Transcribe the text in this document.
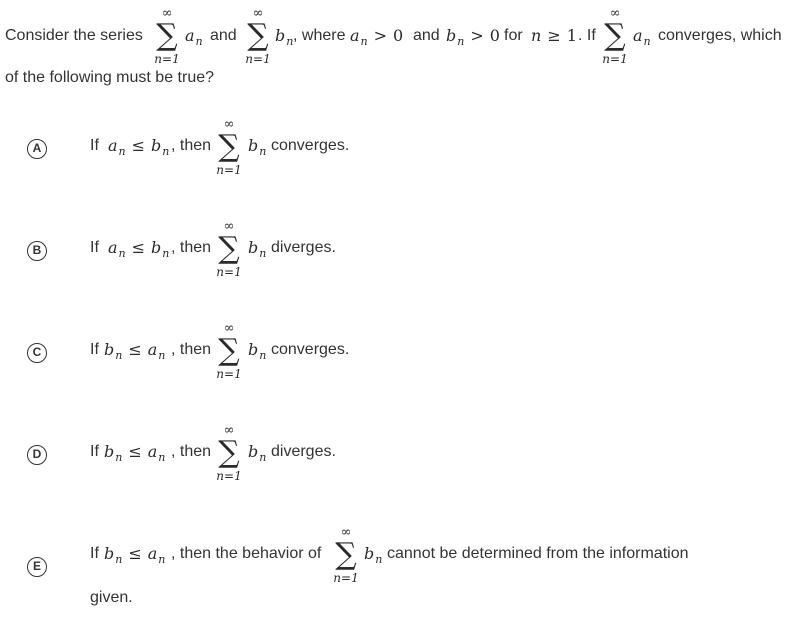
Consider the series
∞
∑
n=1
$a_n$ and
∞
∑
n=1
$b_n$ , where $a_n > 0$ and $b_n > 0$ for n ≥ 1 . If
∞
∑
n=1
$a_n$ converges, which
of the following must be true?
A	If $a_n \le b_n$ , then
∞
∑
n=1
$b_n$ converges.
B	If $a_n \le b_n$ , then
∞
∑
n=1
$b_n$ diverges.
C	If $b_n \le a_n$ , then
∞
∑
n=1
$b_n$ converges.
D	If $b_n \le a_n$ , then
∞
∑
n=1
$b_n$ diverges.
E
If $b_n \le a_n$ , then the behavior of
∞
∑
n=1
$b_n$ cannot be determined from the information
given.
